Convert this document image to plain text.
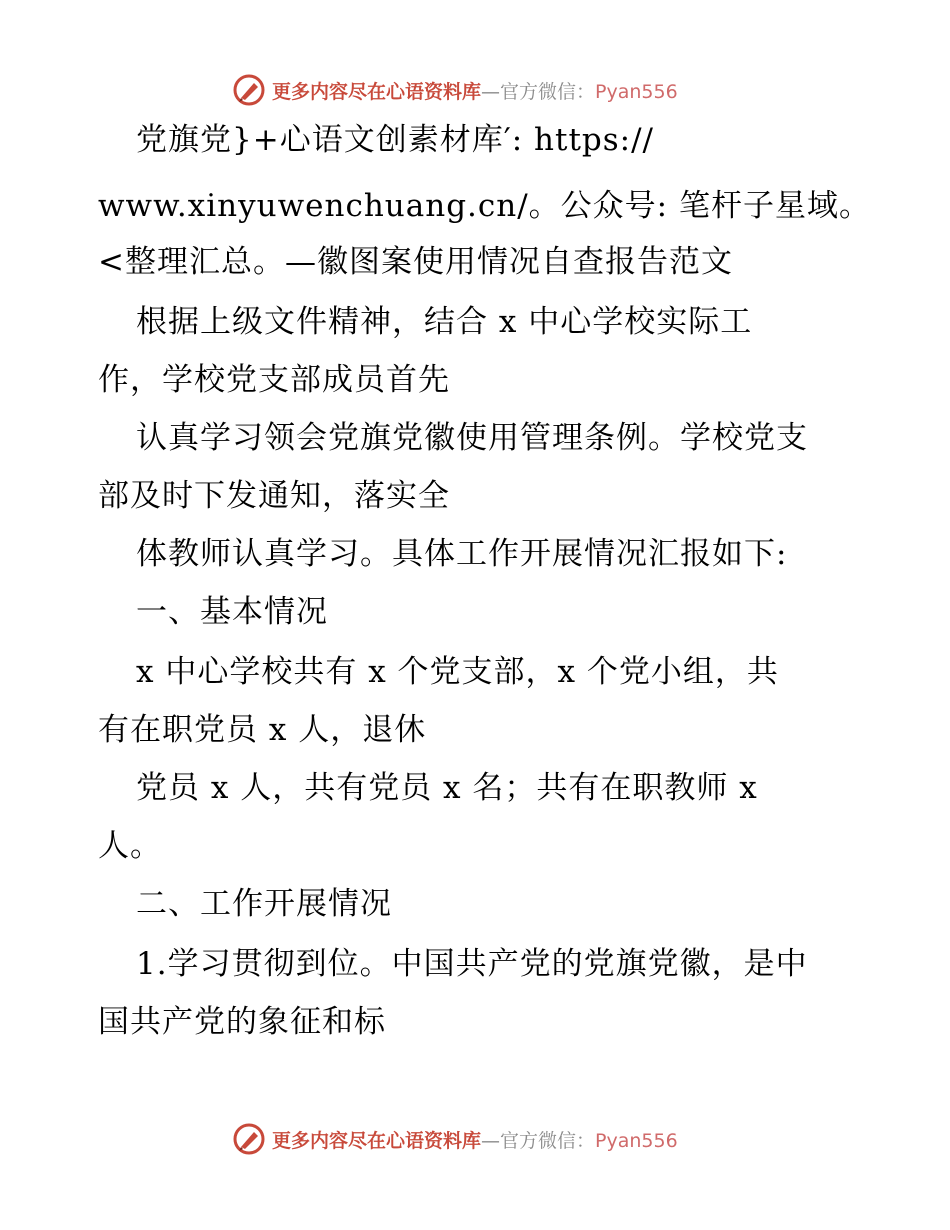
更多内容尽在心语资料库—官方微信：Pyan556
党旗党}+心语文创素材库′: https://
www.xinyuwenchuang.cn/。公众号: 笔杆子星域。
<整理汇总。—徽图案使用情况自查报告范文
根据上级文件精神，结合 x 中心学校实际工
作，学校党支部成员首先
认真学习领会党旗党徽使用管理条例。学校党支
部及时下发通知，落实全
体教师认真学习。具体工作开展情况汇报如下:
一、基本情况
x 中心学校共有 x 个党支部，x 个党小组，共
有在职党员 x 人，退休
党员 x 人，共有党员 x 名；共有在职教师 x
人。
二、工作开展情况
1.学习贯彻到位。中国共产党的党旗党徽，是中
国共产党的象征和标
更多内容尽在心语资料库—官方微信：Pyan556
